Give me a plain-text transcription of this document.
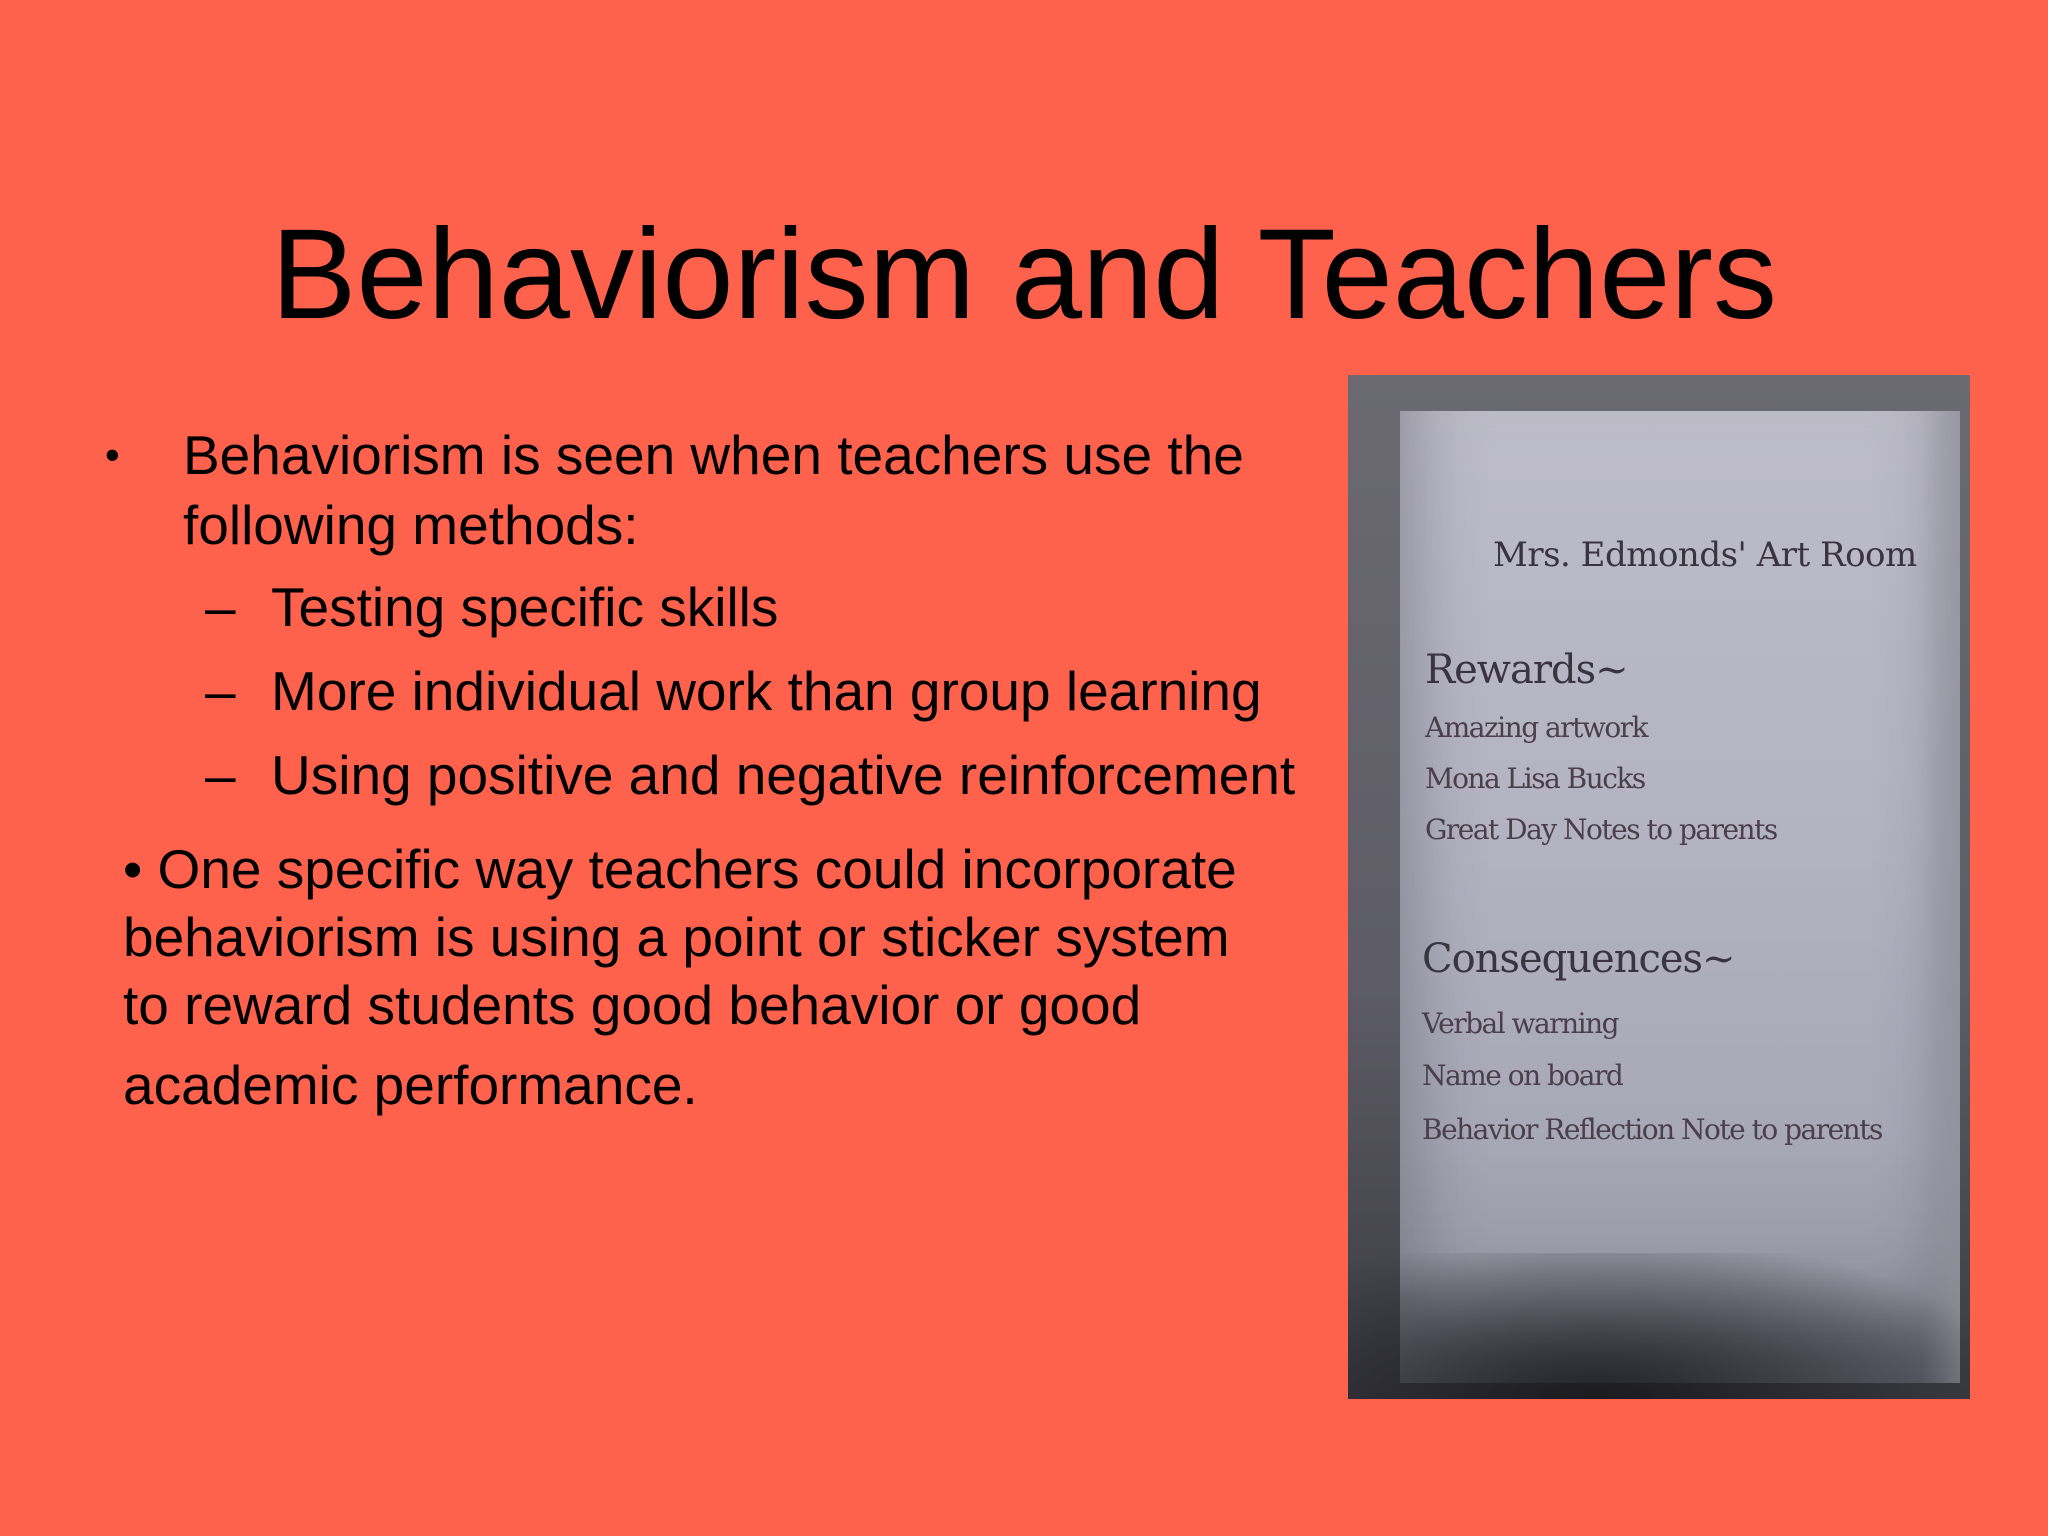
Behaviorism and Teachers
• Behaviorism is seen when teachers use the
following methods:
– Testing specific skills
– More individual work than group learning
– Using positive and negative reinforcement
• One specific way teachers could incorporate
behaviorism is using a point or sticker system
to reward students good behavior or good
academic performance.
Mrs. Edmonds' Art Room
Rewards~
Amazing artwork
Mona Lisa Bucks
Great Day Notes to parents
Consequences~
Verbal warning
Name on board
Behavior Reflection Note to parents
